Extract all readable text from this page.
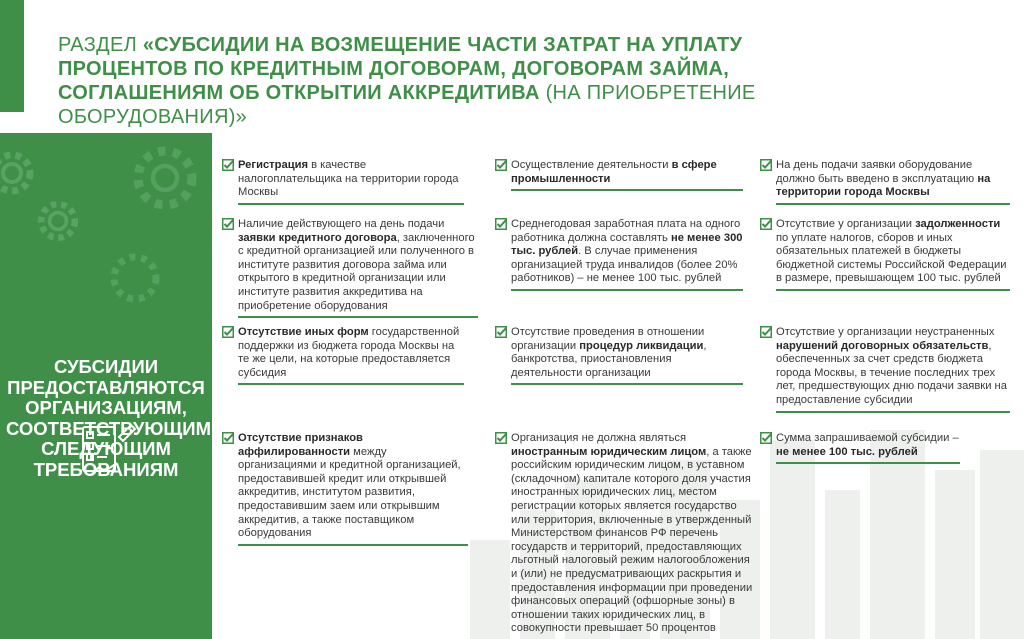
РАЗДЕЛ «СУБСИДИИ НА ВОЗМЕЩЕНИЕ ЧАСТИ ЗАТРАТ НА УПЛАТУ ПРОЦЕНТОВ ПО КРЕДИТНЫМ ДОГОВОРАМ, ДОГОВОРАМ ЗАЙМА, СОГЛАШЕНИЯМ ОБ ОТКРЫТИИ АККРЕДИТИВА (НА ПРИОБРЕТЕНИЕ ОБОРУДОВАНИЯ)»
СУБСИДИИ ПРЕДОСТАВЛЯЮТСЯ ОРГАНИЗАЦИЯМ, СООТВЕТСТВУЮЩИМ СЛЕДУЮЩИМ ТРЕБОВАНИЯМ
Регистрация в качестве налогоплательщика на территории города Москвы
Осуществление деятельности в сфере промышленности
На день подачи заявки оборудование должно быть введено в эксплуатацию на территории города Москвы
Наличие действующего на день подачи заявки кредитного договора, заключенного с кредитной организацией или полученного в институте развития договора займа или открытого в кредитной организации или институте развития аккредитива на приобретение оборудования
Среднегодовая заработная плата на одного работника должна составлять не менее 300 тыс. рублей. В случае применения организацией труда инвалидов (более 20% работников) – не менее 100 тыс. рублей
Отсутствие у организации задолженности по уплате налогов, сборов и иных обязательных платежей в бюджеты бюджетной системы Российской Федерации в размере, превышающем 100 тыс. рублей
Отсутствие иных форм государственной поддержки из бюджета города Москвы на те же цели, на которые предоставляется субсидия
Отсутствие проведения в отношении организации процедур ликвидации, банкротства, приостановления деятельности организации
Отсутствие у организации неустраненных нарушений договорных обязательств, обеспеченных за счет средств бюджета города Москвы, в течение последних трех лет, предшествующих дню подачи заявки на предоставление субсидии
Отсутствие признаков аффилированности между организациями и кредитной организацией, предоставившей кредит или открывшей аккредитив, институтом развития, предоставившим заем или открывшим аккредитив, а также поставщиком оборудования
Организация не должна являться иностранным юридическим лицом, а также российским юридическим лицом, в уставном (складочном) капитале которого доля участия иностранных юридических лиц, местом регистрации которых является государство или территория, включенные в утвержденный Министерством финансов РФ перечень государств и территорий, предоставляющих льготный налоговый режим налогообложения и (или) не предусматривающих раскрытия и предоставления информации при проведении финансовых операций (офшорные зоны) в отношении таких юридических лиц, в совокупности превышает 50 процентов
Сумма запрашиваемой субсидии – не менее 100 тыс. рублей
